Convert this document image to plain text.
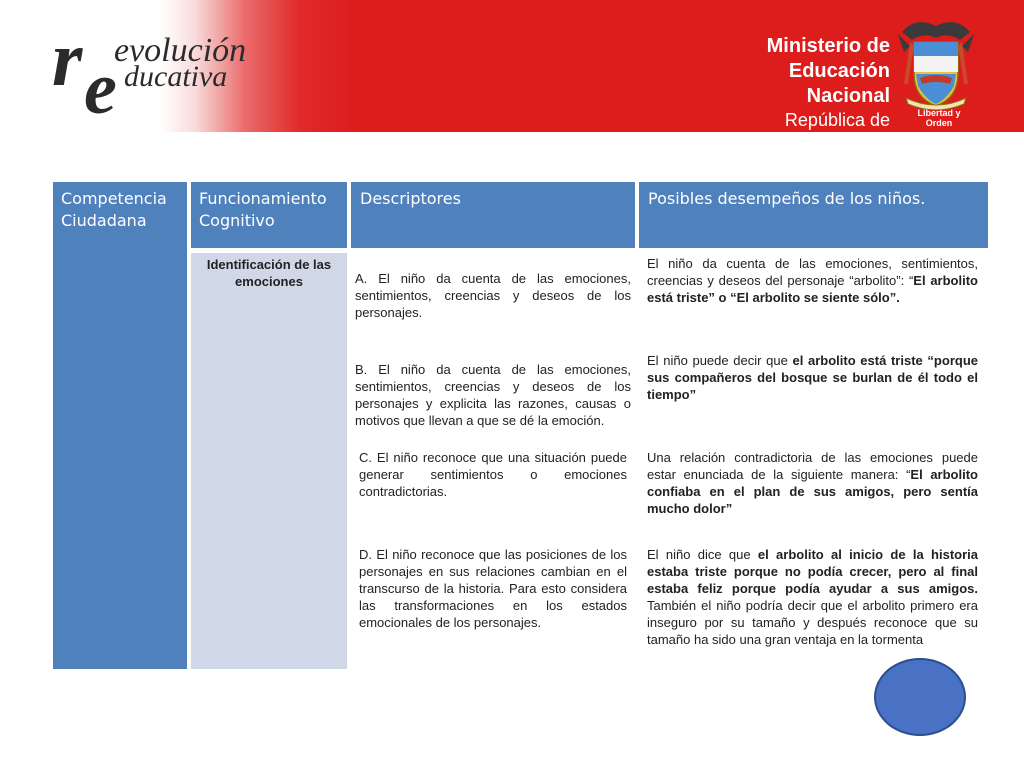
r e
evolución
ducativa
Ministerio de
Educación Nacional
República de Colombia
Libertad y Orden
Competencia Ciudadana
Funcionamiento Cognitivo
Descriptores	Posibles desempeños de los niños.
Identificación de las emociones	A. El niño da cuenta de las emociones, sentimientos, creencias y deseos de los personajes.
B. El niño da cuenta de las emociones, sentimientos, creencias y deseos de los personajes y explicita las razones, causas o motivos que llevan a que se dé la emoción.
C. El niño reconoce que una situación puede generar sentimientos o emociones contradictorias.
D. El niño reconoce que las posiciones de los personajes en sus relaciones cambian en el transcurso de la historia. Para esto considera las transformaciones en los estados emocionales de los personajes.
El niño da cuenta de las emociones, sentimientos, creencias y deseos del personaje “arbolito”: “El arbolito está triste” o “El arbolito se siente sólo”.
El niño puede decir que el arbolito está triste “porque sus compañeros del bosque se burlan de él todo el tiempo”
Una relación contradictoria de las emociones puede estar enunciada de la siguiente manera: “El arbolito confiaba en el plan de sus amigos, pero sentía mucho dolor”
El niño dice que el arbolito al inicio de la historia estaba triste porque no podía crecer, pero al final estaba feliz porque podía ayudar a sus amigos. También el niño podría decir que el arbolito primero era inseguro por su tamaño y después reconoce que su tamaño ha sido una gran ventaja en la tormenta
